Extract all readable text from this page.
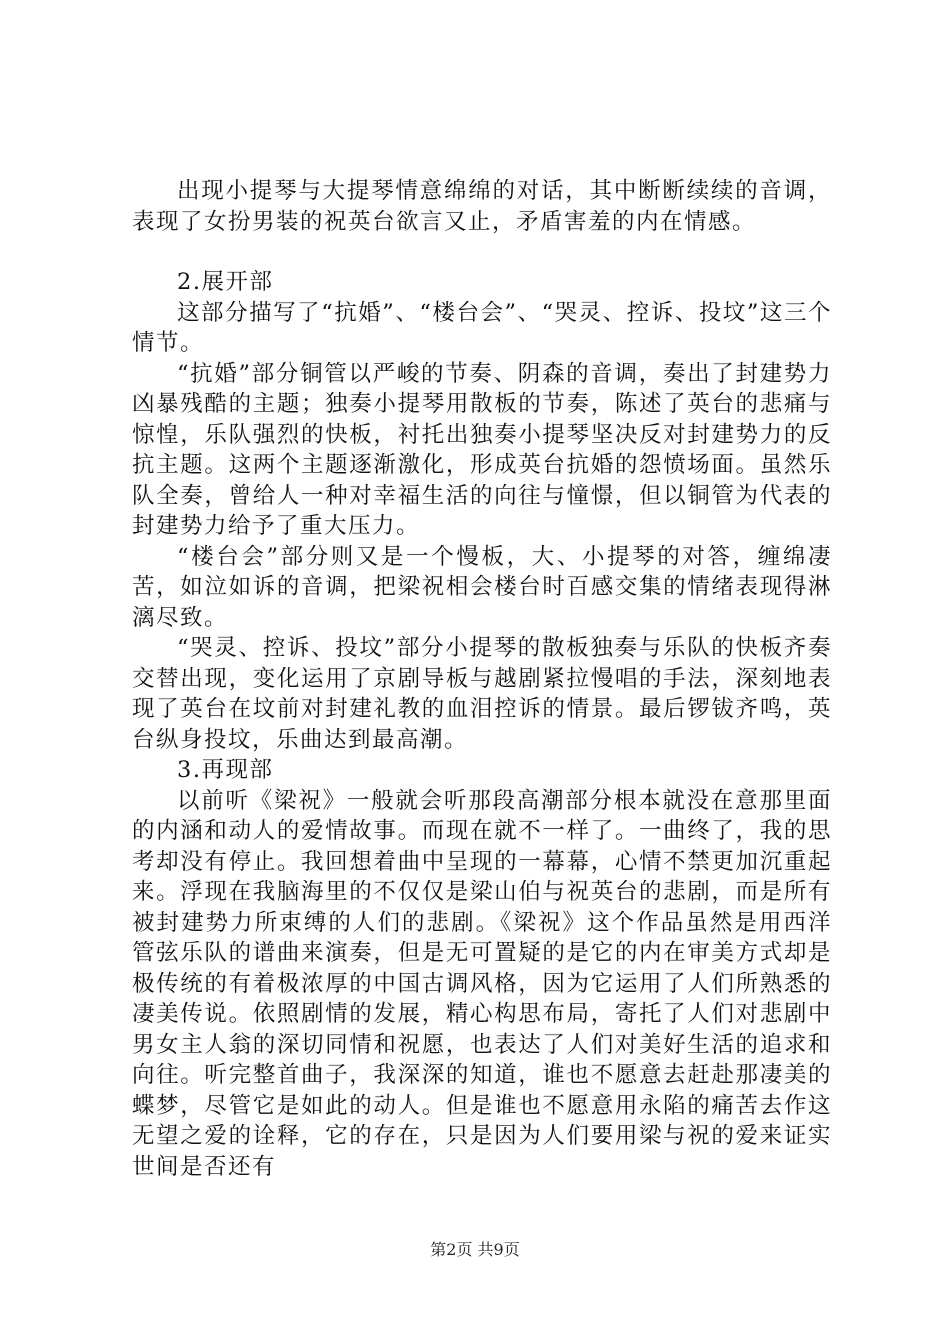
出现小提琴与大提琴情意绵绵的对话，其中断断续续的音调，表现了女扮男装的祝英台欲言又止，矛盾害羞的内在情感。

2.展开部

这部分描写了“抗婚”、“楼台会”、“哭灵、控诉、投坟”这三个情节。

“抗婚”部分铜管以严峻的节奏、阴森的音调，奏出了封建势力凶暴残酷的主题；独奏小提琴用散板的节奏，陈述了英台的悲痛与惊惶，乐队强烈的快板，衬托出独奏小提琴坚决反对封建势力的反抗主题。这两个主题逐渐激化，形成英台抗婚的怨愤场面。虽然乐队全奏，曾给人一种对幸福生活的向往与憧憬，但以铜管为代表的封建势力给予了重大压力。

“楼台会”部分则又是一个慢板，大、小提琴的对答，缠绵凄苦，如泣如诉的音调，把梁祝相会楼台时百感交集的情绪表现得淋漓尽致。

“哭灵、控诉、投坟”部分小提琴的散板独奏与乐队的快板齐奏交替出现，变化运用了京剧导板与越剧紧拉慢唱的手法，深刻地表现了英台在坟前对封建礼教的血泪控诉的情景。最后锣钹齐鸣，英台纵身投坟，乐曲达到最高潮。

3.再现部

以前听《梁祝》一般就会听那段高潮部分根本就没在意那里面的内涵和动人的爱情故事。而现在就不一样了。一曲终了，我的思考却没有停止。我回想着曲中呈现的一幕幕，心情不禁更加沉重起来。浮现在我脑海里的不仅仅是梁山伯与祝英台的悲剧，而是所有被封建势力所束缚的人们的悲剧。《梁祝》这个作品虽然是用西洋管弦乐队的谱曲来演奏，但是无可置疑的是它的内在审美方式却是极传统的有着极浓厚的中国古调风格，因为它运用了人们所熟悉的凄美传说。依照剧情的发展，精心构思布局，寄托了人们对悲剧中男女主人翁的深切同情和祝愿，也表达了人们对美好生活的追求和向往。听完整首曲子，我深深的知道，谁也不愿意去赶赴那凄美的蝶梦，尽管它是如此的动人。但是谁也不愿意用永陷的痛苦去作这无望之爱的诠释，它的存在，只是因为人们要用梁与祝的爱来证实世间是否还有

第2页 共9页
